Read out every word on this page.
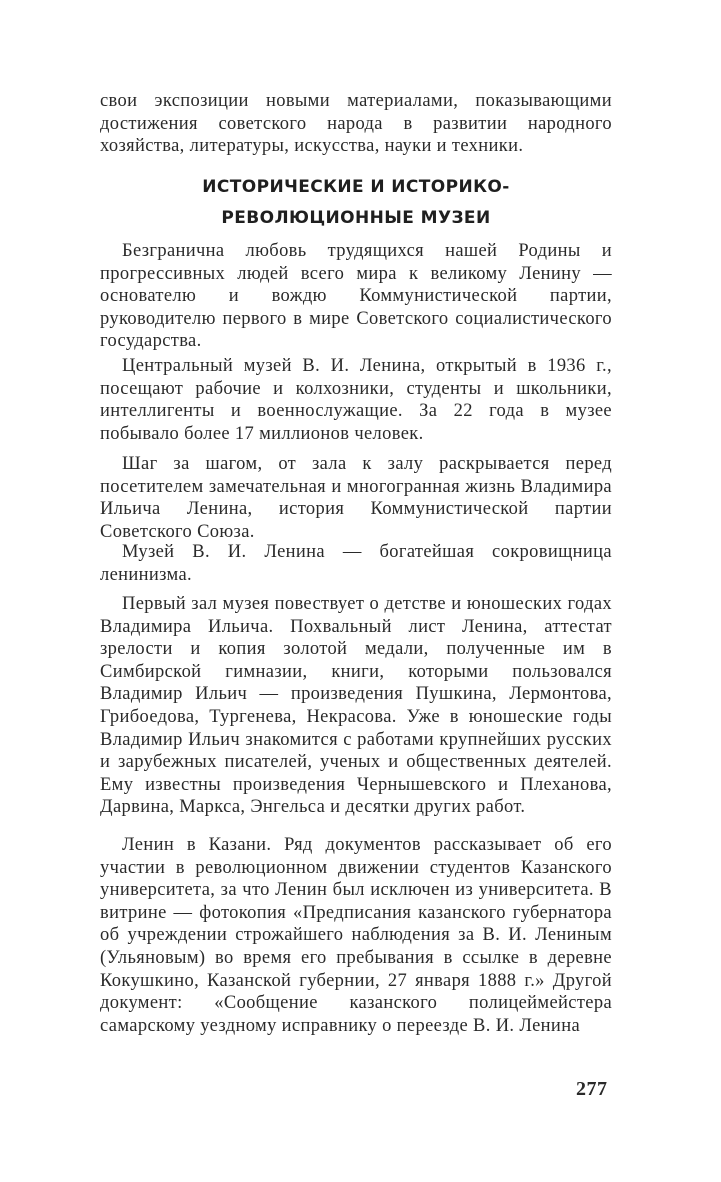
свои экспозиции новыми материалами, показывающими достижения советского народа в развитии народного хозяйства, литературы, искусства, науки и техники.

ИСТОРИЧЕСКИЕ И ИСТОРИКО-
РЕВОЛЮЦИОННЫЕ МУЗЕИ

Безгранична любовь трудящихся нашей Родины и прогрессивных людей всего мира к великому Ленину — основателю и вождю Коммунистической партии, руководителю первого в мире Советского социалистического государства.

Центральный музей В. И. Ленина, открытый в 1936 г., посещают рабочие и колхозники, студенты и школьники, интеллигенты и военнослужащие. За 22 года в музее побывало более 17 миллионов человек.

Шаг за шагом, от зала к залу раскрывается перед посетителем замечательная и многогранная жизнь Владимира Ильича Ленина, история Коммунистической партии Советского Союза.

Музей В. И. Ленина — богатейшая сокровищница ленинизма.

Первый зал музея повествует о детстве и юношеских годах Владимира Ильича. Похвальный лист Ленина, аттестат зрелости и копия золотой медали, полученные им в Симбирской гимназии, книги, которыми пользовался Владимир Ильич — произведения Пушкина, Лермонтова, Грибоедова, Тургенева, Некрасова. Уже в юношеские годы Владимир Ильич знакомится с работами крупнейших русских и зарубежных писателей, ученых и общественных деятелей. Ему известны произведения Чернышевского и Плеханова, Дарвина, Маркса, Энгельса и десятки других работ.

Ленин в Казани. Ряд документов рассказывает об его участии в революционном движении студентов Казанского университета, за что Ленин был исключен из университета. В витрине — фотокопия «Предписания казанского губернатора об учреждении строжайшего наблюдения за В. И. Лениным (Ульяновым) во время его пребывания в ссылке в деревне Кокушкино, Казанской губернии, 27 января 1888 г.» Другой документ: «Сообщение казанского полицеймейстера самарскому уездному исправнику о переезде В. И. Ленина

277
